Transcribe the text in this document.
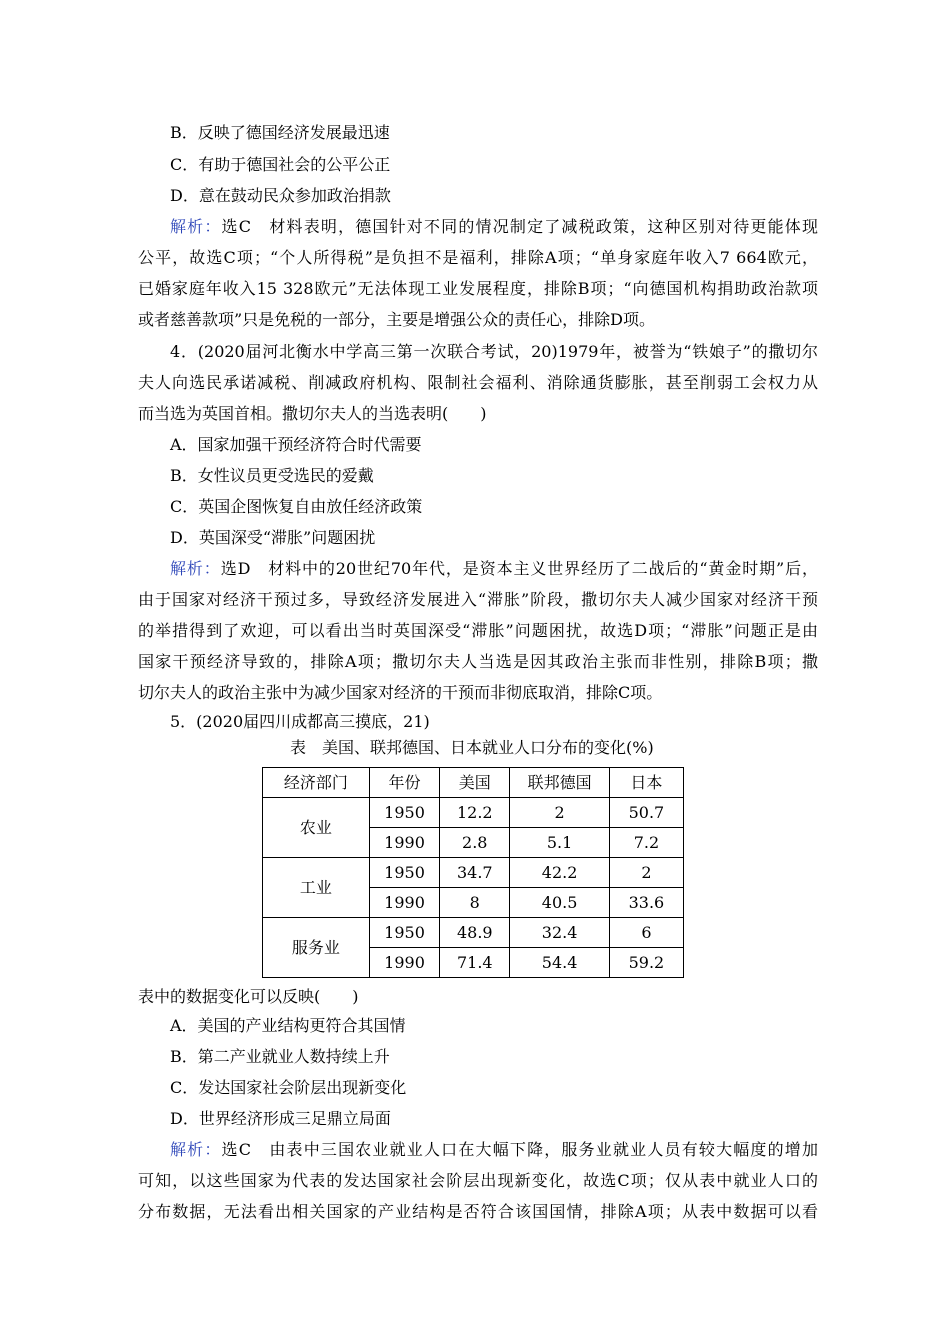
B．反映了德国经济发展最迅速
C．有助于德国社会的公平公正
D．意在鼓动民众参加政治捐款
解析：选C　材料表明，德国针对不同的情况制定了减税政策，这种区别对待更能体现
公平，故选C项；“个人所得税”是负担不是福利，排除A项；“单身家庭年收入7 664欧元，
已婚家庭年收入15 328欧元”无法体现工业发展程度，排除B项；“向德国机构捐助政治款项
或者慈善款项”只是免税的一部分，主要是增强公众的责任心，排除D项。
4．(2020届河北衡水中学高三第一次联合考试，20)1979年，被誉为“铁娘子”的撒切尔
夫人向选民承诺减税、削减政府机构、限制社会福利、消除通货膨胀，甚至削弱工会权力从
而当选为英国首相。撒切尔夫人的当选表明(　　)
A．国家加强干预经济符合时代需要
B．女性议员更受选民的爱戴
C．英国企图恢复自由放任经济政策
D．英国深受“滞胀”问题困扰
解析：选D　材料中的20世纪70年代，是资本主义世界经历了二战后的“黄金时期”后，
由于国家对经济干预过多，导致经济发展进入“滞胀”阶段，撒切尔夫人减少国家对经济干预
的举措得到了欢迎，可以看出当时英国深受“滞胀”问题困扰，故选D项；“滞胀”问题正是由
国家干预经济导致的，排除A项；撒切尔夫人当选是因其政治主张而非性别，排除B项；撒
切尔夫人的政治主张中为减少国家对经济的干预而非彻底取消，排除C项。
5．(2020届四川成都高三摸底，21)
表　美国、联邦德国、日本就业人口分布的变化(%)
经济部门	年份	美国	联邦德国	日本
农业	1950	12.2	2	50.7
	1990	2.8	5.1	7.2
工业	1950	34.7	42.2	2
	1990	8	40.5	33.6
服务业	1950	48.9	32.4	6
	1990	71.4	54.4	59.2
表中的数据变化可以反映(　　)
A．美国的产业结构更符合其国情
B．第二产业就业人数持续上升
C．发达国家社会阶层出现新变化
D．世界经济形成三足鼎立局面
解析：选C　由表中三国农业就业人口在大幅下降，服务业就业人员有较大幅度的增加
可知，以这些国家为代表的发达国家社会阶层出现新变化，故选C项；仅从表中就业人口的
分布数据，无法看出相关国家的产业结构是否符合该国国情，排除A项；从表中数据可以看
